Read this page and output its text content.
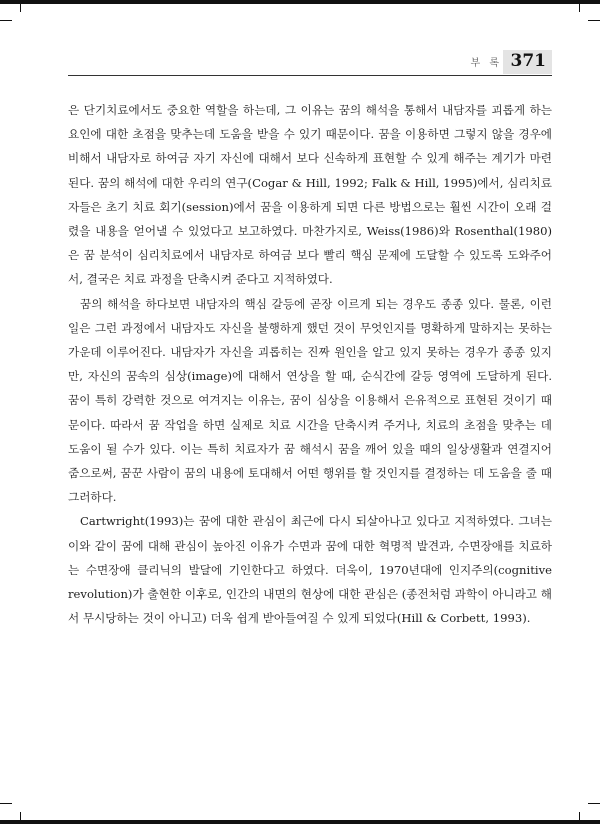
부 록 371

은 단기치료에서도 중요한 역할을 하는데, 그 이유는 꿈의 해석을 통해서 내담자를 괴롭게 하는 요인에 대한 초점을 맞추는데 도움을 받을 수 있기 때문이다. 꿈을 이용하면 그렇지 않을 경우에 비해서 내담자로 하여금 자기 자신에 대해서 보다 신속하게 표현할 수 있게 해주는 계기가 마련된다. 꿈의 해석에 대한 우리의 연구(Cogar & Hill, 1992; Falk & Hill, 1995)에서, 심리치료자들은 초기 치료 회기(session)에서 꿈을 이용하게 되면 다른 방법으로는 훨씬 시간이 오래 걸렸을 내용을 얻어낼 수 있었다고 보고하였다. 마찬가지로, Weiss(1986)와 Rosenthal(1980)은 꿈 분석이 심리치료에서 내담자로 하여금 보다 빨리 핵심 문제에 도달할 수 있도록 도와주어서, 결국은 치료 과정을 단축시켜 준다고 지적하였다.

꿈의 해석을 하다보면 내담자의 핵심 갈등에 곧장 이르게 되는 경우도 종종 있다. 물론, 이런 일은 그런 과정에서 내담자도 자신을 불행하게 했던 것이 무엇인지를 명확하게 말하지는 못하는 가운데 이루어진다. 내담자가 자신을 괴롭히는 진짜 원인을 알고 있지 못하는 경우가 종종 있지만, 자신의 꿈속의 심상(image)에 대해서 연상을 할 때, 순식간에 갈등 영역에 도달하게 된다. 꿈이 특히 강력한 것으로 여겨지는 이유는, 꿈이 심상을 이용해서 은유적으로 표현된 것이기 때문이다. 따라서 꿈 작업을 하면 실제로 치료 시간을 단축시켜 주거나, 치료의 초점을 맞추는 데 도움이 될 수가 있다. 이는 특히 치료자가 꿈 해석시 꿈을 깨어 있을 때의 일상생활과 연결지어 줌으로써, 꿈꾼 사람이 꿈의 내용에 토대해서 어떤 행위를 할 것인지를 결정하는 데 도움을 줄 때 그러하다.

Cartwright(1993)는 꿈에 대한 관심이 최근에 다시 되살아나고 있다고 지적하였다. 그녀는 이와 같이 꿈에 대해 관심이 높아진 이유가 수면과 꿈에 대한 혁명적 발견과, 수면장애를 치료하는 수면장애 클리닉의 발달에 기인한다고 하였다. 더욱이, 1970년대에 인지주의(cognitive revolution)가 출현한 이후로, 인간의 내면의 현상에 대한 관심은 (종전처럼 과학이 아니라고 해서 무시당하는 것이 아니고) 더욱 쉽게 받아들여질 수 있게 되었다(Hill & Corbett, 1993).
